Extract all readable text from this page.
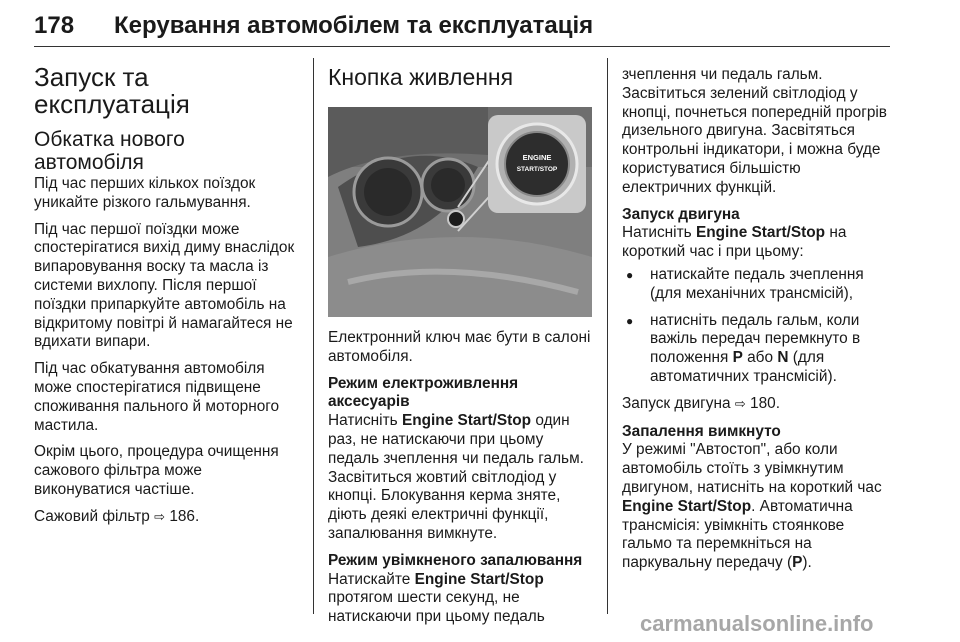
178 Керування автомобілем та експлуатація
Запуск та експлуатація
Обкатка нового автомобіля

Під час перших кількох поїздок уникайте різкого гальмування.

Під час першої поїздки може спостерігатися вихід диму внаслідок випаровування воску та масла із системи вихлопу. Після першої поїздки припаркуйте автомобіль на відкритому повітрі й намагайтеся не вдихати випари.

Під час обкатування автомобіля може спостерігатися підвищене споживання пального й моторного мастила.

Окрім цього, процедура очищення сажового фільтра може виконуватися частіше.

Сажовий фільтр ⇨ 186.

Кнопка живлення
ENGINE
START/STOP

Електронний ключ має бути в салоні автомобіля.

Режим електроживлення аксесуарів

Натисніть Engine Start/Stop один раз, не натискаючи при цьому педаль зчеплення чи педаль гальм. Засвітиться жовтий світлодіод у кнопці. Блокування керма зняте, діють деякі електричні функції, запалювання вимкнуте.

Режим увімкненого запалювання

Натискайте Engine Start/Stop протягом шести секунд, не натискаючи при цьому педаль

зчеплення чи педаль гальм. Засвітиться зелений світлодіод у кнопці, почнеться попередній прогрів дизельного двигуна. Засвітяться контрольні індикатори, і можна буде користуватися більшістю електричних функцій.

Запуск двигуна

Натисніть Engine Start/Stop на короткий час і при цьому:

● натискайте педаль зчеплення (для механічних трансмісій),
● натисніть педаль гальм, коли важіль передач перемкнуто в положення P або N (для автоматичних трансмісій).

Запуск двигуна ⇨ 180.

Запалення вимкнуто

У режимі "Автостоп", або коли автомобіль стоїть з увімкнутим двигуном, натисніть на короткий час Engine Start/Stop. Автоматична трансмісія: увімкніть стоянкове гальмо та перемкніться на паркувальну передачу (P).

carmanualsonline.info
